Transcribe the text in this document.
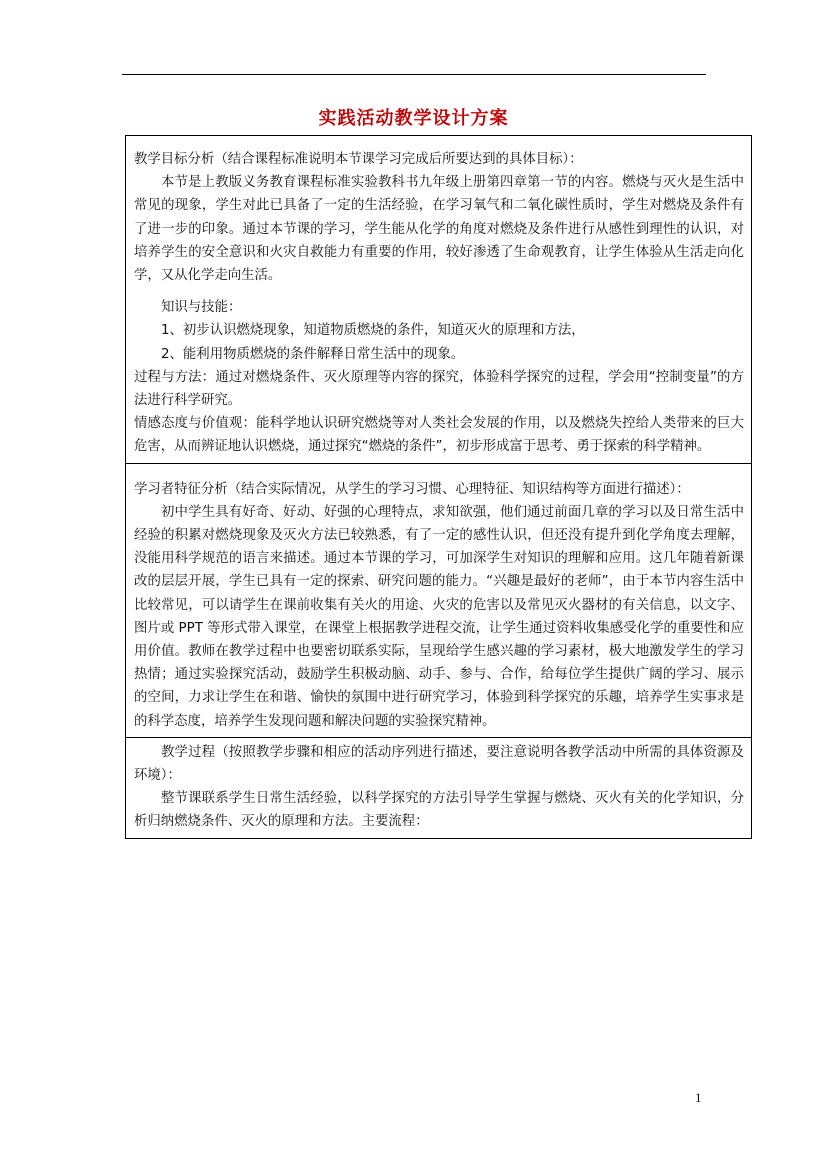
实践活动教学设计方案

教学目标分析（结合课程标准说明本节课学习完成后所要达到的具体目标）：

本节是上教版义务教育课程标准实验教科书九年级上册第四章第一节的内容。燃烧与灭火是生活中常见的现象，学生对此已具备了一定的生活经验，在学习氧气和二氧化碳性质时，学生对燃烧及条件有了进一步的印象。通过本节课的学习，学生能从化学的角度对燃烧及条件进行从感性到理性的认识，对培养学生的安全意识和火灾自救能力有重要的作用，较好渗透了生命观教育，让学生体验从生活走向化学，又从化学走向生活。

知识与技能：

1、初步认识燃烧现象，知道物质燃烧的条件，知道灭火的原理和方法，

2、能利用物质燃烧的条件解释日常生活中的现象。

过程与方法：通过对燃烧条件、灭火原理等内容的探究，体验科学探究的过程，学会用“控制变量”的方法进行科学研究。

情感态度与价值观：能科学地认识研究燃烧等对人类社会发展的作用，以及燃烧失控给人类带来的巨大危害，从而辨证地认识燃烧，通过探究“燃烧的条件”，初步形成富于思考、勇于探索的科学精神。

学习者特征分析（结合实际情况，从学生的学习习惯、心理特征、知识结构等方面进行描述）：

初中学生具有好奇、好动、好强的心理特点，求知欲强，他们通过前面几章的学习以及日常生活中经验的积累对燃烧现象及灭火方法已较熟悉，有了一定的感性认识，但还没有提升到化学角度去理解，没能用科学规范的语言来描述。通过本节课的学习，可加深学生对知识的理解和应用。这几年随着新课改的层层开展，学生已具有一定的探索、研究问题的能力。“兴趣是最好的老师”，由于本节内容生活中比较常见，可以请学生在课前收集有关火的用途、火灾的危害以及常见灭火器材的有关信息，以文字、图片或 PPT 等形式带入课堂，在课堂上根据教学进程交流，让学生通过资料收集感受化学的重要性和应用价值。教师在教学过程中也要密切联系实际，呈现给学生感兴趣的学习素材，极大地激发学生的学习热情；通过实验探究活动，鼓励学生积极动脑、动手、参与、合作，给每位学生提供广阔的学习、展示的空间，力求让学生在和谐、愉快的氛围中进行研究学习，体验到科学探究的乐趣，培养学生实事求是的科学态度，培养学生发现问题和解决问题的实验探究精神。

教学过程（按照教学步骤和相应的活动序列进行描述，要注意说明各教学活动中所需的具体资源及环境）：

整节课联系学生日常生活经验，以科学探究的方法引导学生掌握与燃烧、灭火有关的化学知识，分析归纳燃烧条件、灭火的原理和方法。主要流程：

1
